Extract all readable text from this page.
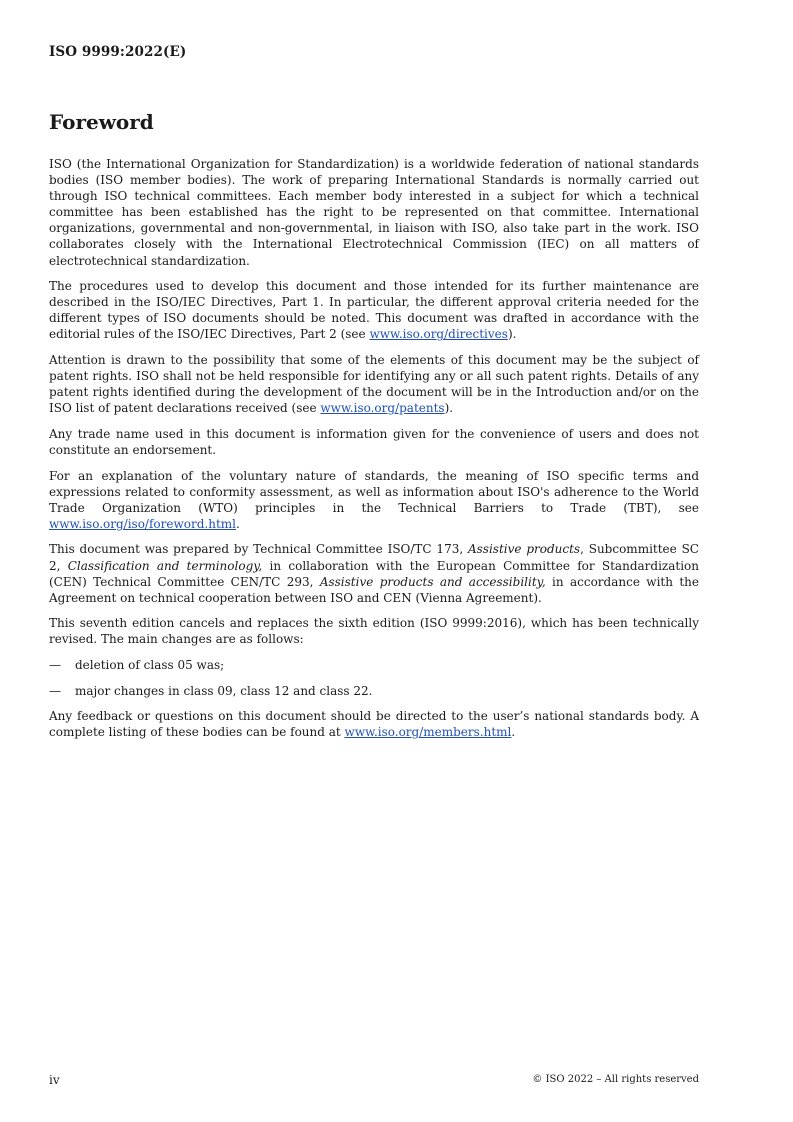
ISO 9999:2022(E)
Foreword

ISO (the International Organization for Standardization) is a worldwide federation of national standards bodies (ISO member bodies). The work of preparing International Standards is normally carried out through ISO technical committees. Each member body interested in a subject for which a technical committee has been established has the right to be represented on that committee. International organizations, governmental and non-governmental, in liaison with ISO, also take part in the work. ISO collaborates closely with the International Electrotechnical Commission (IEC) on all matters of electrotechnical standardization.

The procedures used to develop this document and those intended for its further maintenance are described in the ISO/IEC Directives, Part 1. In particular, the different approval criteria needed for the different types of ISO documents should be noted. This document was drafted in accordance with the editorial rules of the ISO/IEC Directives, Part 2 (see www.iso.org/directives).

Attention is drawn to the possibility that some of the elements of this document may be the subject of patent rights. ISO shall not be held responsible for identifying any or all such patent rights. Details of any patent rights identified during the development of the document will be in the Introduction and/or on the ISO list of patent declarations received (see www.iso.org/patents).

Any trade name used in this document is information given for the convenience of users and does not constitute an endorsement.

For an explanation of the voluntary nature of standards, the meaning of ISO specific terms and expressions related to conformity assessment, as well as information about ISO's adherence to the World Trade Organization (WTO) principles in the Technical Barriers to Trade (TBT), see www.iso.org/iso/foreword.html.

This document was prepared by Technical Committee ISO/TC 173, Assistive products, Subcommittee SC 2, Classification and terminology, in collaboration with the European Committee for Standardization (CEN) Technical Committee CEN/TC 293, Assistive products and accessibility, in accordance with the Agreement on technical cooperation between ISO and CEN (Vienna Agreement).

This seventh edition cancels and replaces the sixth edition (ISO 9999:2016), which has been technically revised. The main changes are as follows:

—	deletion of class 05 was;
—	major changes in class 09, class 12 and class 22.

Any feedback or questions on this document should be directed to the user’s national standards body. A complete listing of these bodies can be found at www.iso.org/members.html.

iv	© ISO 2022 – All rights reserved
